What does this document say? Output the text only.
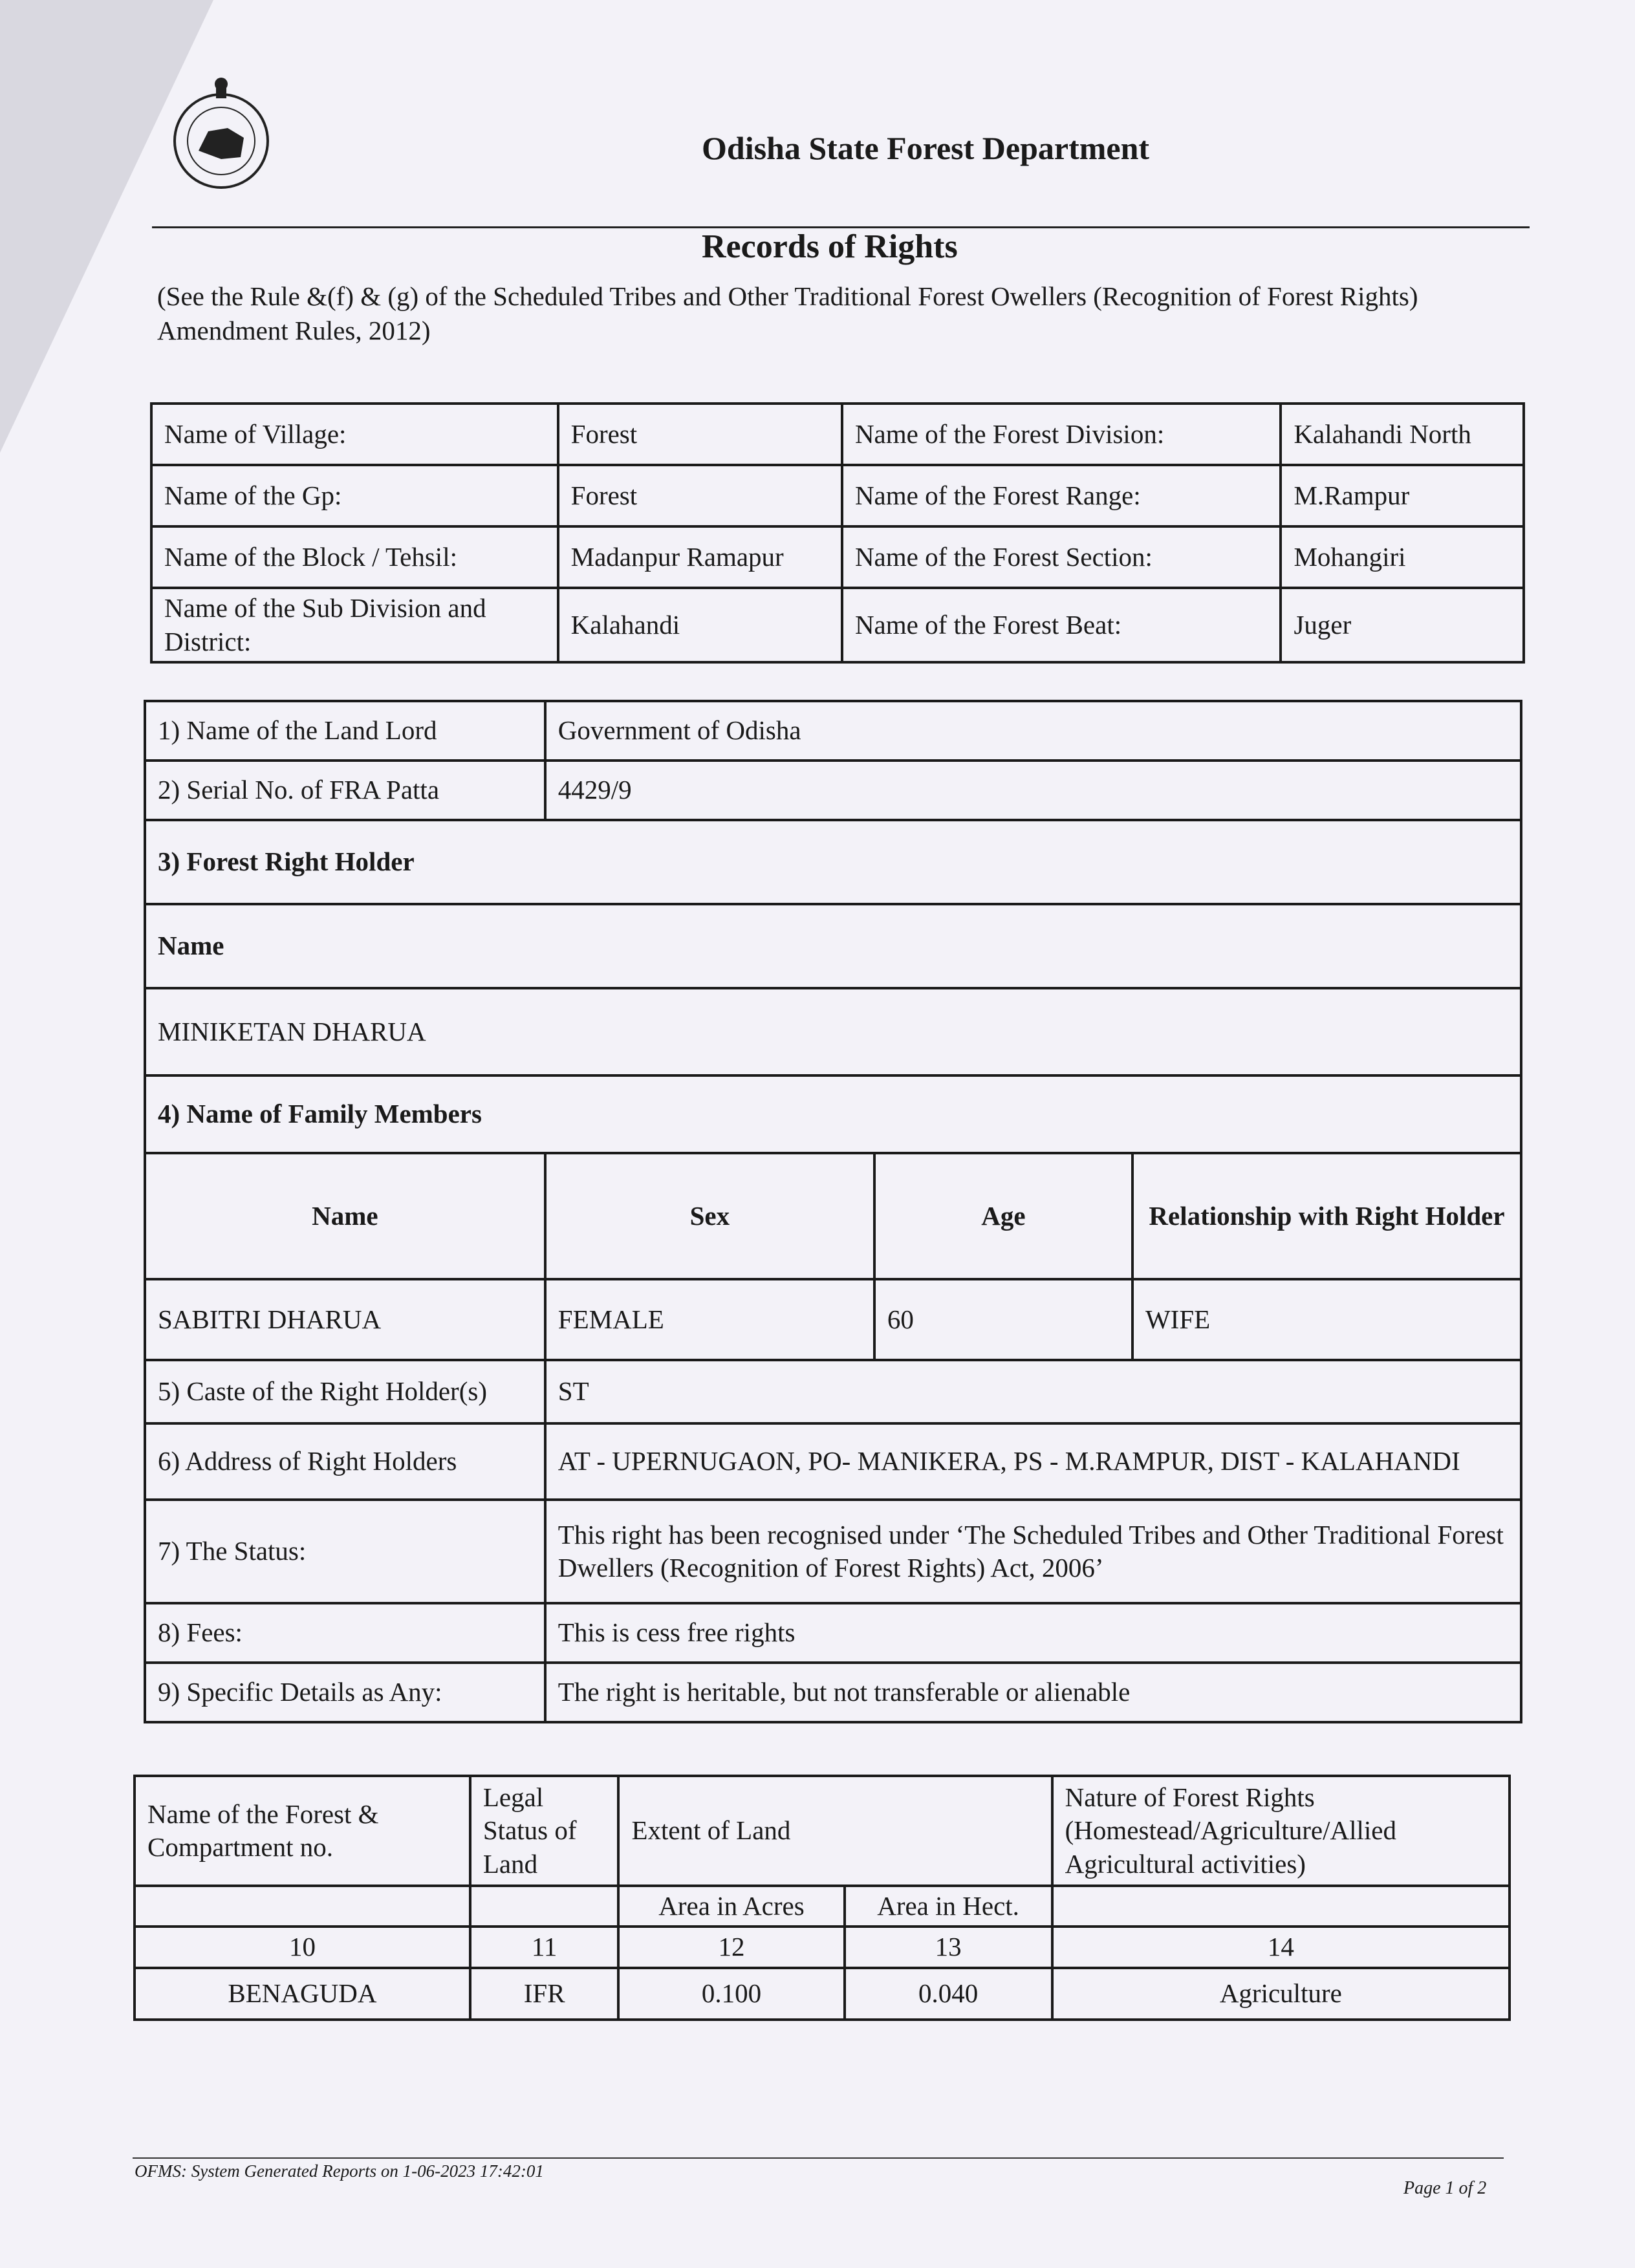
Odisha State Forest Department
Records of Rights
(See the Rule &(f) & (g) of the Scheduled Tribes and Other Traditional Forest Owellers (Recognition of Forest Rights) Amendment Rules, 2012)
Name of Village:	Forest	Name of the Forest Division:	Kalahandi North
Name of the Gp:	Forest	Name of the Forest Range:	M.Rampur
Name of the Block / Tehsil:	Madanpur Ramapur	Name of the Forest Section:	Mohangiri
Name of the Sub Division and District:	Kalahandi	Name of the Forest Beat:	Juger
1) Name of the Land Lord	Government of Odisha		
2) Serial No. of FRA Patta	4429/9		
3) Forest Right Holder			
Name			
MINIKETAN DHARUA			
4) Name of Family Members			
Name	Sex	Age	Relationship with Right Holder
SABITRI DHARUA	FEMALE	60	WIFE
5) Caste of the Right Holder(s)	ST		
6) Address of Right Holders	AT - UPERNUGAON, PO- MANIKERA, PS - M.RAMPUR, DIST - KALAHANDI		
7) The Status:	This right has been recognised under ‘The Scheduled Tribes and Other Traditional Forest Dwellers (Recognition of Forest Rights) Act, 2006’		
8) Fees:	This is cess free rights		
9) Specific Details as Any:	The right is heritable, but not transferable or alienable		
Name of the Forest & Compartment no.	Legal Status of Land	Extent of Land		Nature of Forest Rights (Homestead/Agriculture/Allied Agricultural activities)
		Area in Acres	Area in Hect.	
10	11	12	13	14
BENAGUDA	IFR	0.100	0.040	Agriculture
OFMS: System Generated Reports on 1-06-2023 17:42:01
Page 1 of 2
